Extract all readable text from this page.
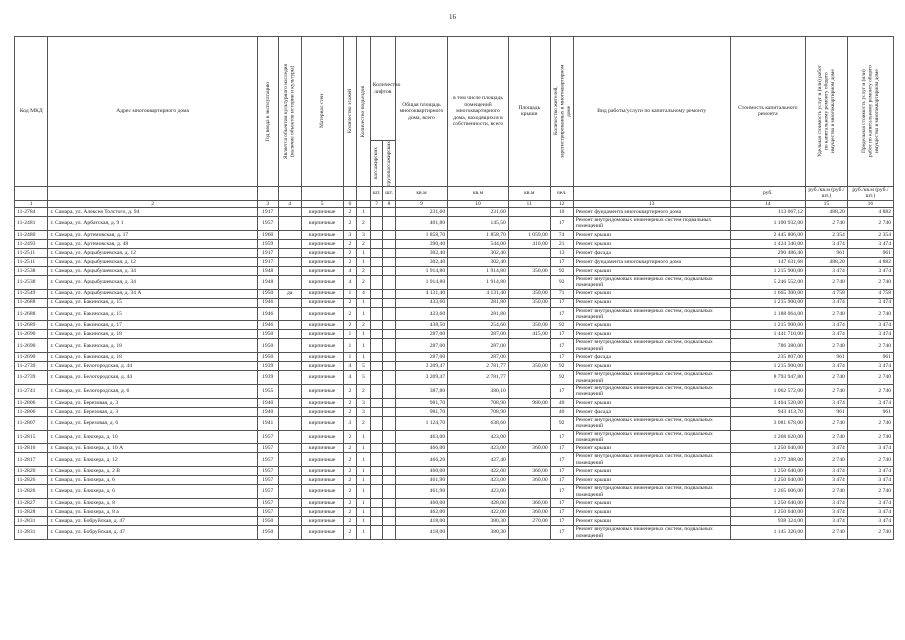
16
Код МКД	Адрес многоквартирного дома	Год ввода в эксплуатацию	Является объектом культурного наследия (наличие объектов истории и культуры)	Материал стен	Количество этажей	Количество подъездов	Количество лифтов		Общая площадь многоквартирного дома, всего	в том числе площадь помещений многоквартирного дома, находящихся в собственности, всего	Площадь крыши	Количество жителей, зарегистрированных в многоквартирном доме	Вид работы/услуги по капитальному ремонту	Стоимость капитального ремонта	Удельная стоимость услуг и (или) работ по капитальному ремонту общего имущества в многоквартирном доме	Предельная стоимость услуг и (или) работ по капитальному ремонту общего имущества в многоквартирном доме

							пассажирских	грузопассажирских								

							шт.	шт.	кв.м	кв.м	кв.м	чел.		руб.	руб./кв.м (руб./шт.)	руб./кв.м (руб./шт.)
1	2	3	4	5	6		7	8	9	10	11	12	13	14	15	16
11-2784	г. Самара, ул. Алексея Толстого, д. 94	1917		кирпичные	2	1			231,60	231,60		10	Ремонт фундамента многоквартирного дома	113 067,12	488,20	4 882
11-2481	г. Самара, ул. Арбатская, д. 9 1	1957		кирпичные	2	2			401,80	145,50		17	Ремонт внутридомовых инженерных систем подвальных помещений	1 100 932,00	2 740	2 740
11-2480	г. Самара, ул. Артемовская, д. 17	1960		кирпичные	3	3			1 858,70	1 858,70	1 059,00	74	Ремонт крыши	2 445 806,00	2 354	2 354
11-2493	г. Самара, ул. Артемовская, д. 48	1959		кирпичные	2	2			390,40	544,00	410,00	21	Ремонт крыши	1 424 340,00	3 474	3 474
11-2511	г. Самара, ул. Арцыбушевская, д. 12	1917		кирпичные	2	1			302,40	302,40		13	Ремонт фасада	290 486,40	961	961
11-2511	г. Самара, ул. Арцыбушевская, д. 12	1917		кирпичные	2	1			302,40	302,40		17	Ремонт фундамента многоквартирного дома	147 631,68	488,20	4 882
11-2538	г. Самара, ул. Арцыбушевская, д. 34	1948		кирпичные	4	2			1 914,80	1 914,80	350,00	92	Ремонт крыши	1 215 900,00	3 474	3 474
11-2538	г. Самара, ул. Арцыбушевская, д. 34	1948		кирпичные	4	2			1 914,80	1 914,80		92	Ремонт внутридомовых инженерных систем, подвальных помещений	5 246 552,00	2 740	2 740
11-2549	г. Самара, ул. Арцыбушевская, д. 34 А	1950	да	кирпичные	1	4			4 131,40	4 131,40	350,00	71	Ремонт крыши	1 665 300,00	4 758	4 758
11-2688	г. Самара, ул. Бакинская, д. 15	1946		кирпичные	2	1			433,60	281,80	350,00	17	Ремонт крыши	1 215 900,00	3 474	3 474
11-2688	г. Самара, ул. Бакинская, д. 15	1946		кирпичные	2	1			433,60	281,80		17	Ремонт внутридомовых инженерных систем, подвальных помещений	1 188 064,00	2 740	2 740
11-2689	г. Самара, ул. Бакинская, д. 17	1946		кирпичные	2	2			438,50	254,60	350,00	92	Ремонт крыши	1 215 900,00	3 474	3 474
11-2690	г. Самара, ул. Бакинская, д. 18	1950		кирпичные	1	1			287,00	287,00	415,00	17	Ремонт крыши	1 441 710,00	3 474	3 474
11-2690	г. Самара, ул. Бакинская, д. 18	1950		кирпичные	1	1			287,00	287,00		17	Ремонт внутридомовых инженерных систем, подвальных помещений	786 380,00	2 740	2 740
11-2690	г. Самара, ул. Бакинская, д. 18	1950		кирпичные	1	1			287,00	287,00		17	Ремонт фасада	235 807,00	961	961
11-2739	г. Самара, ул. Белогородская, д. 44	1939		кирпичные	4	5			3 209,47	2 781,77	350,00	92	Ремонт крыши	1 215 900,00	3 474	3 474
11-2739	г. Самара, ул. Белогородская, д. 44	1939		кирпичные	4	5			3 209,47	2 781,77		92	Ремонт внутридомовых инженерных систем, подвальных помещений	8 793 947,80	2 740	2 740
11-2741	г. Самара, ул. Белогородская, д. 6	1955		кирпичные	2	2			387,80	380,10		17	Ремонт внутридомовых инженерных систем, подвальных помещений	1 062 572,00	2 740	2 740
11-2806	г. Самара, ул. Березовая, д. 3	1940		кирпичные	2	3			981,70	708,90	980,00	40	Ремонт крыши	3 404 520,00	3 474	3 474
11-2806	г. Самара, ул. Березовая, д. 3	1940		кирпичные	2	3			981,70	708,90		40	Ремонт фасада	943 413,70	961	961
11-2807	г. Самара, ул. Березовая, д. 6	1941		кирпичные	3	2			1 124,70	638,60		92	Ремонт внутридомовых инженерных систем, подвальных помещений	3 081 678,00	2 740	2 740
11-2815	г. Самара, ул. Блюхера, д. 10	1957		кирпичные	2	1			463,00	423,00		17	Ремонт внутридомовых инженерных систем, подвальных помещений	1 268 620,00	2 740	2 740
11-2816	г. Самара, ул. Блюхера, д. 10 А	1957		кирпичные	2	1			466,00	423,00	360,00	17	Ремонт крыши	1 250 640,00	3 474	3 474
11-2817	г. Самара, ул. Блюхера, д. 12	1957		кирпичные	2	1			466,20	427,40		17	Ремонт внутридомовых инженерных систем, подвальных помещений	1 277 388,00	2 740	2 740
11-2820	г. Самара, ул. Блюхера, д. 2 В	1957		кирпичные	2	1			460,00	422,00	360,00	17	Ремонт крыши	1 250 640,00	3 474	3 474
11-2826	г. Самара, ул. Блюхера, д. 6	1957		кирпичные	2	1			461,90	423,00	360,00	17	Ремонт крыши	1 250 640,00	3 474	3 474
11-2826	г. Самара, ул. Блюхера, д. 6	1957		кирпичные	2	1			461,90	423,00		17	Ремонт внутридомовых инженерных систем, подвальных помещений	1 265 606,00	2 740	2 740
11-2827	г. Самара, ул. Блюхера, д. 8	1957		кирпичные	2	1			460,00	428,00	360,00	17	Ремонт крыши	1 250 640,00	3 474	3 474
11-2828	г. Самара, ул. Блюхера, д. 8 а	1957		кирпичные	2	1			462,00	422,00	360,00	17	Ремонт крыши	1 250 640,00	3 474	3 474
11-2831	г. Самара, ул. Бобруйская, д. 47	1950		кирпичные	2	1			418,00	380,30	270,00	17	Ремонт крыши	938 324,00	3 474	3 474
11-2831	г. Самара, ул. Бобруйская, д. 47	1950		кирпичные	2	1			418,00	380,30		17	Ремонт внутридомовых инженерных систем, подвальных помещений	1 145 320,00	2 740	2 740
